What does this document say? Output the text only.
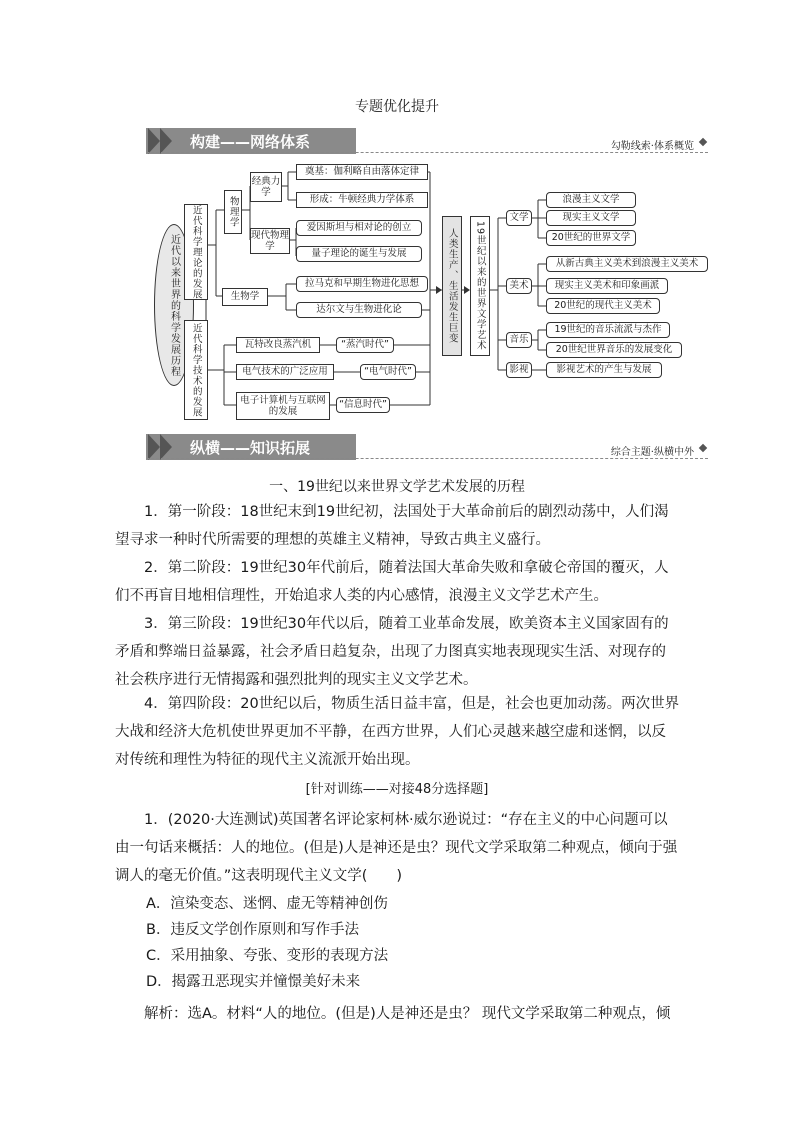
专题优化提升
构建——网络体系	勾勒线索·体系概览
近代以来世界的科学发展历程	近代科学理论的发展
近代科学技术的发展
物理学
生物学
经典力学
现代物理学
奠基：伽利略自由落体定律
形成：牛顿经典力学体系
爱因斯坦与相对论的创立
量子理论的诞生与发展
拉马克和早期生物进化思想
达尔文与生物进化论
瓦特改良蒸汽机	“蒸汽时代”
电气技术的广泛应用	“电气时代”
电子计算机与互联网的发展
“信息时代”
人类生产、生活发生巨变	19世纪以来的世界文学艺术
文学
美术
音乐
影视
浪漫主义文学
现实主义文学
20世纪的世界文学
从新古典主义美术到浪漫主义美术
现实主义美术和印象画派
20世纪的现代主义美术
19世纪的音乐流派与杰作
20世纪世界音乐的发展变化
影视艺术的产生与发展
纵横——知识拓展	综合主题·纵横中外
一、19世纪以来世界文学艺术发展的历程
1．第一阶段：18世纪末到19世纪初，法国处于大革命前后的剧烈动荡中，人们渴望寻求一种时代所需要的理想的英雄主义精神，导致古典主义盛行。
2．第二阶段：19世纪30年代前后，随着法国大革命失败和拿破仑帝国的覆灭，人们不再盲目地相信理性，开始追求人类的内心感情，浪漫主义文学艺术产生。
3．第三阶段：19世纪30年代以后，随着工业革命发展，欧美资本主义国家固有的矛盾和弊端日益暴露，社会矛盾日趋复杂，出现了力图真实地表现现实生活、对现存的社会秩序进行无情揭露和强烈批判的现实主义文学艺术。
4．第四阶段：20世纪以后，物质生活日益丰富，但是，社会也更加动荡。两次世界大战和经济大危机使世界更加不平静，在西方世界，人们心灵越来越空虚和迷惘，以反对传统和理性为特征的现代主义流派开始出现。
[针对训练——对接48分选择题]
1．(2020·大连测试)英国著名评论家柯林·威尔逊说过：“存在主义的中心问题可以由一句话来概括：人的地位。(但是)人是神还是虫？现代文学采取第二种观点，倾向于强调人的毫无价值。”这表明现代主义文学(　　)
A．渲染变态、迷惘、虚无等精神创伤
B．违反文学创作原则和写作手法
C．采用抽象、夸张、变形的表现方法
D．揭露丑恶现实并憧憬美好未来
解析：选A。材料“人的地位。(但是)人是神还是虫？ 现代文学采取第二种观点，倾
